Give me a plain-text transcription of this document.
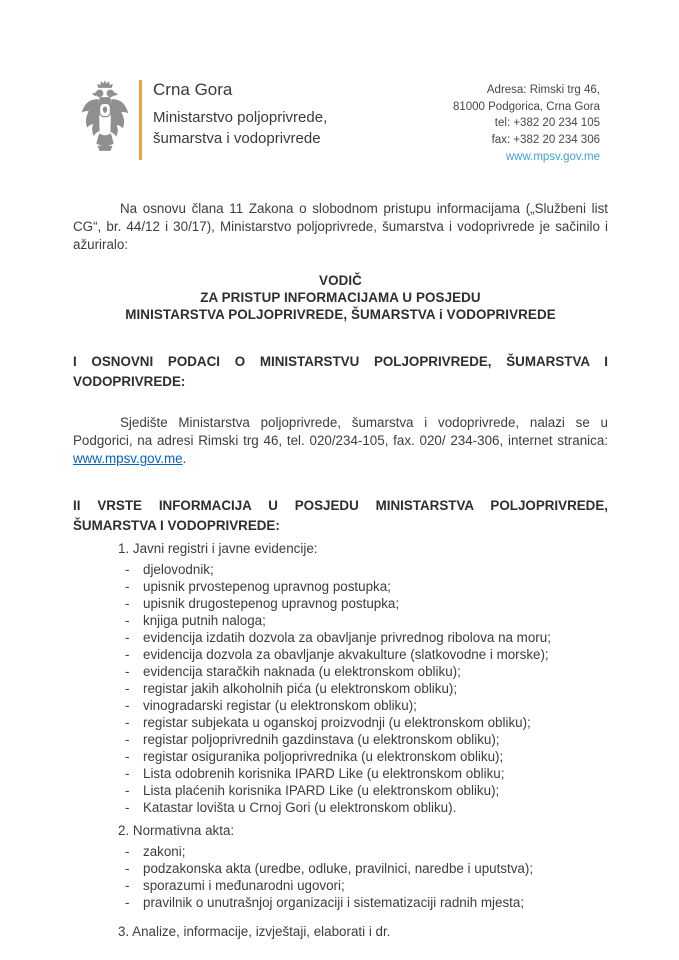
Crna Gora
Ministarstvo poljoprivrede,
šumarstva i vodoprivrede
Adresa: Rimski trg 46,
81000 Podgorica, Crna Gora
tel: +382 20 234 105
fax: +382 20 234 306
www.mpsv.gov.me

Na osnovu člana 11 Zakona o slobodnom pristupu informacijama („Službeni list CG“, br. 44/12 i 30/17), Ministarstvo poljoprivrede, šumarstva i vodoprivrede je sačinilo i ažuriralo:

VODIČ
ZA PRISTUP INFORMACIJAMA U POSJEDU
MINISTARSTVA POLJOPRIVREDE, ŠUMARSTVA i VODOPRIVREDE
I OSNOVNI PODACI O MINISTARSTVU POLJOPRIVREDE, ŠUMARSTVA I VODOPRIVREDE:

Sjedište Ministarstva poljoprivrede, šumarstva i vodoprivrede, nalazi se u Podgorici, na adresi Rimski trg 46, tel. 020/234-105, fax. 020/ 234-306, internet stranica: www.mpsv.gov.me.

II VRSTE INFORMACIJA U POSJEDU MINISTARSTVA POLJOPRIVREDE, ŠUMARSTVA I VODOPRIVREDE:
1. Javni registri i javne evidencije:
-	djelovodnik;
-	upisnik prvostepenog upravnog postupka;
-	upisnik drugostepenog upravnog postupka;
-	knjiga putnih naloga;
-	evidencija izdatih dozvola za obavljanje privrednog ribolova na moru;
-	evidencija dozvola za obavljanje akvakulture (slatkovodne i morske);
-	evidencija staračkih naknada (u elektronskom obliku);
-	registar jakih alkoholnih pića (u elektronskom obliku);
-	vinogradarski registar (u elektronskom obliku);
-	registar subjekata u oganskoj proizvodnji (u elektronskom obliku);
-	registar poljoprivrednih gazdinstava (u elektronskom obliku);
-	registar osiguranika poljoprivrednika (u elektronskom obliku);
-	Lista odobrenih korisnika IPARD Like (u elektronskom obliku;
-	Lista plaćenih korisnika IPARD Like (u elektronskom obliku);
-	Katastar lovišta u Crnoj Gori (u elektronskom obliku).
2. Normativna akta:
-	zakoni;
-	podzakonska akta (uredbe, odluke, pravilnici, naredbe i uputstva);
-	sporazumi i međunarodni ugovori;
-	pravilnik o unutrašnjoj organizaciji i sistematizaciji radnih mjesta;
3. Analize, informacije, izvještaji, elaborati i dr.
